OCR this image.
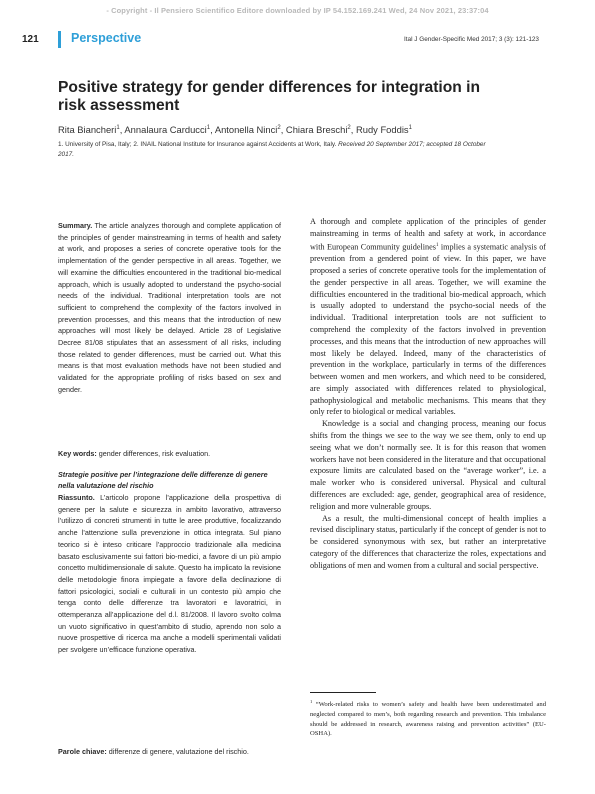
- Copyright - Il Pensiero Scientifico Editore downloaded by IP 54.152.169.241 Wed, 24 Nov 2021, 23:37:04
121	Perspective	Ital J Gender-Specific Med 2017; 3 (3): 121-123
Positive strategy for gender differences for integration in risk assessment
Rita Biancheri$^1$, Annalaura Carducci$^1$, Antonella Ninci$^2$, Chiara Breschi$^2$, Rudy Foddis$^1$
1. University of Pisa, Italy; 2. INAIL National Institute for Insurance against Accidents at Work, Italy. Received 20 September 2017; accepted 18 October 2017.
Summary. The article analyzes thorough and complete application of the principles of gender mainstreaming in terms of health and safety at work, and proposes a series of concrete operative tools for the implementation of the gender perspective in all areas. Together, we will examine the difficulties encountered in the traditional bio-medical approach, which is usually adopted to understand the psycho-social needs of the individual. Traditional interpretation tools are not sufficient to comprehend the complexity of the factors involved in prevention processes, and this means that the introduction of new approaches will most likely be delayed. Article 28 of Legislative Decree 81/08 stipulates that an assessment of all risks, including those related to gender differences, must be carried out. What this means is that most evaluation methods have not been studied and validated for the appropriate profiling of risks based on sex and gender.
Key words: gender differences, risk evaluation.
Strategie positive per l’integrazione delle differenze di genere nella valutazione del rischio
Riassunto. L’articolo propone l’applicazione della prospettiva di genere per la salute e sicurezza in ambito lavorativo, attraverso l’utilizzo di concreti strumenti in tutte le aree produttive, focalizzando anche l’attenzione sulla prevenzione in ottica integrata. Sul piano teorico si è inteso criticare l’approccio tradizionale alla medicina basato esclusivamente sui fattori bio-medici, a favore di un più ampio concetto multidimensionale di salute. Questo ha implicato la revisione delle metodologie finora impiegate a favore della declinazione di fattori psicologici, sociali e culturali in un contesto più ampio che tenga conto delle differenze tra lavoratori e lavoratrici, in ottemperanza all’applicazione del d.l. 81/2008. Il lavoro svolto colma un vuoto significativo in quest’ambito di studio, aprendo non solo a nuove prospettive di ricerca ma anche a modelli sperimentali validati per svolgere un’efficace funzione operativa.
Parole chiave: differenze di genere, valutazione del rischio.

A thorough and complete application of the principles of gender mainstreaming in terms of health and safety at work, in accordance with European Community guidelines$^1$ implies a systematic analysis of prevention from a gendered point of view. In this paper, we have proposed a series of concrete operative tools for the implementation of the gender perspective in all areas. Together, we will examine the difficulties encountered in the traditional bio-medical approach, which is usually adopted to understand the psycho-social needs of the individual. Traditional interpretation tools are not sufficient to comprehend the complexity of the factors involved in prevention processes, and this means that the introduction of new approaches will most likely be delayed. Indeed, many of the characteristics of prevention in the workplace, particularly in terms of the differences between women and men workers, and which need to be considered, are simply associated with differences related to physiological, pathophysiological and metabolic mechanisms. This means that they only refer to biological or medical variables.

Knowledge is a social and changing process, meaning our focus shifts from the things we see to the way we see them, only to end up seeing what we don’t normally see. It is for this reason that women workers have not been considered in the literature and that occupational exposure limits are calculated based on the “average worker”, i.e. a male worker who is considered universal. Physical and cultural differences are excluded: age, gender, geographical area of residence, religion and more vulnerable groups.

As a result, the multi-dimensional concept of health implies a revised disciplinary status, particularly if the concept of gender is not to be considered synonymous with sex, but rather an interpretative category of the differences that characterize the roles, expectations and obligations of men and women from a cultural and social perspective.

$^1$ “Work-related risks to women’s safety and health have been underestimated and neglected compared to men’s, both regarding research and prevention. This imbalance should be addressed in research, awareness raising and prevention activities” (EU-OSHA).
